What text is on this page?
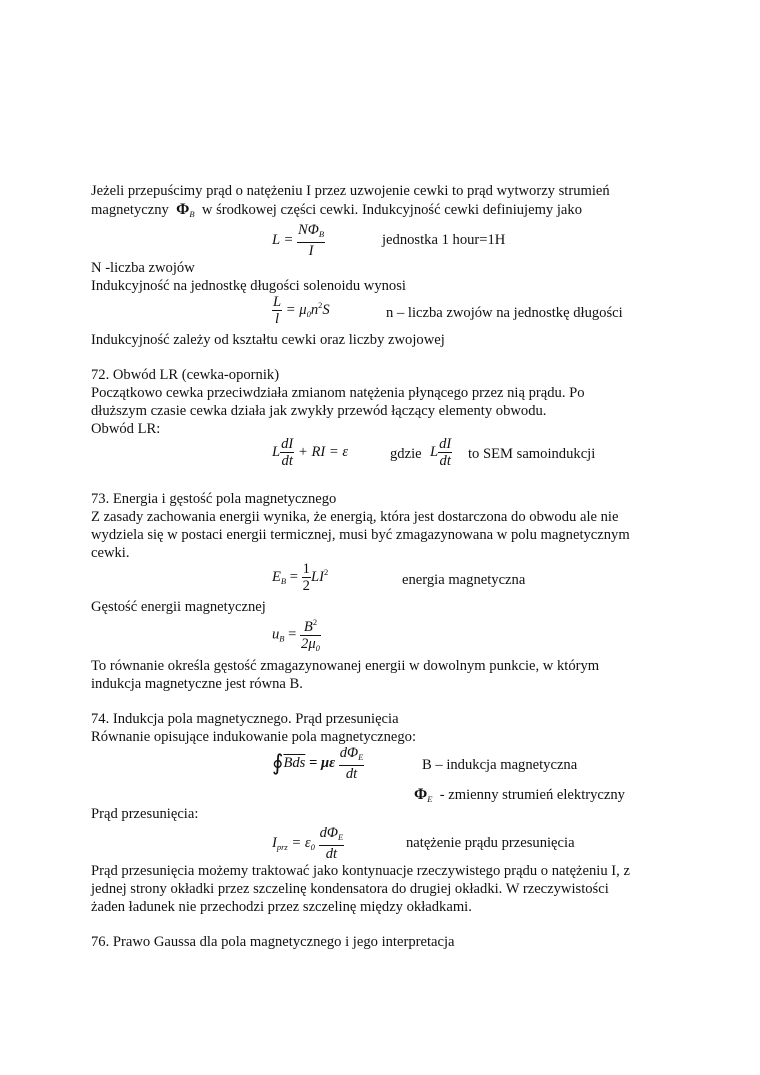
Jeżeli przepuścimy prąd o natężeniu I przez uzwojenie cewki to prąd wytworzy strumień
magnetyczny $\Phi_B$ w środkowej części cewki. Indukcyjność cewki definiujemy jako
$L = \frac{N\Phi_B}{I}$	jednostka 1 hour=1H
N -liczba zwojów
Indukcyjność na jednostkę długości solenoidu wynosi
$\frac{L}{l} = \mu_0n^2S$	n – liczba zwojów na jednostkę długości
Indukcyjność zależy od kształtu cewki oraz liczby zwojowej
72. Obwód LR (cewka-opornik)
Początkowo cewka przeciwdziała zmianom natężenia płynącego przez nią prądu. Po
dłuższym czasie cewka działa jak zwykły przewód łączący elementy obwodu.
Obwód LR:
L $\frac{dI}{dt}$ + RI = ε	gdzie L $\frac{dI}{dt}$ to SEM samoindukcji
73. Energia i gęstość pola magnetycznego
Z zasady zachowania energii wynika, że energią, która jest dostarczona do obwodu ale nie
wydziela się w postaci energii termicznej, musi być zmagazynowana w polu magnetycznym
cewki.
$E_B = \frac{1}{2} LI^2$
energia magnetyczna
Gęstość energii magnetycznej
$u_B = \frac{B^2}{2\mu_0}$
To równanie określa gęstość zmagazynowanej energii w dowolnym punkcie, w którym
indukcja magnetyczne jest równa B.
74. Indukcja pola magnetycznego. Prąd przesunięcia
Równanie opisujące indukowanie pola magnetycznego:
$∮\overline{Bds} = \mu\varepsilon \frac{d\Phi_E}{dt}$	B – indukcja magnetyczna
$\Phi_E$ - zmienny strumień elektryczny
Prąd przesunięcia:
$I_{prz} = \varepsilon_0 \frac{d\Phi_E}{dt}$	natężenie prądu przesunięcia
Prąd przesunięcia możemy traktować jako kontynuacje rzeczywistego prądu o natężeniu I, z
jednej strony okładki przez szczelinę kondensatora do drugiej okładki. W rzeczywistości
żaden ładunek nie przechodzi przez szczelinę między okładkami.
76. Prawo Gaussa dla pola magnetycznego i jego interpretacja
